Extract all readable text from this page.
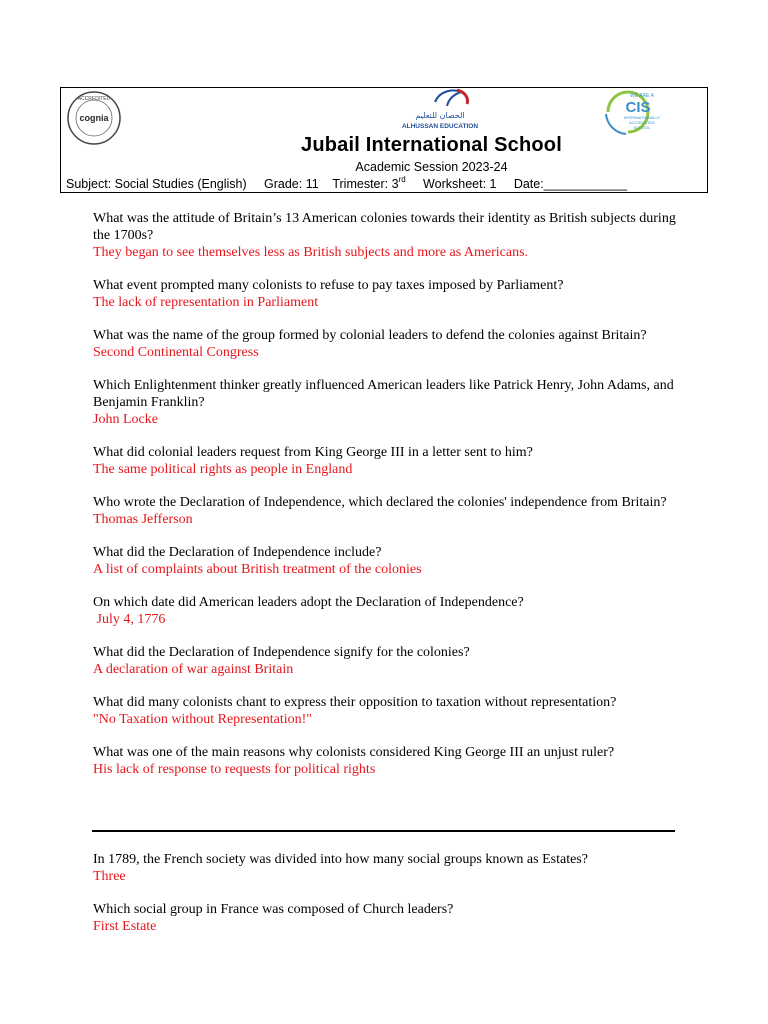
cognia
ACCREDITED
الحصان للتعليم
ALHUSSAN EDUCATION
WE ARE A
CIS
INTERNATIONALLY
ACCREDITED
SCHOOL
Jubail International School
Academic Session 2023-24
Subject: Social Studies (English)     Grade: 11    Trimester: 3rd     Worksheet: 1     Date:____________
What was the attitude of Britain’s 13 American colonies towards their identity as British subjects during the 1700s?
They began to see themselves less as British subjects and more as Americans.
What event prompted many colonists to refuse to pay taxes imposed by Parliament?
The lack of representation in Parliament
What was the name of the group formed by colonial leaders to defend the colonies against Britain?
Second Continental Congress
Which Enlightenment thinker greatly influenced American leaders like Patrick Henry, John Adams, and Benjamin Franklin?
John Locke
What did colonial leaders request from King George III in a letter sent to him?
The same political rights as people in England
Who wrote the Declaration of Independence, which declared the colonies' independence from Britain?
Thomas Jefferson
What did the Declaration of Independence include?
A list of complaints about British treatment of the colonies
On which date did American leaders adopt the Declaration of Independence?
July 4, 1776
What did the Declaration of Independence signify for the colonies?
A declaration of war against Britain
What did many colonists chant to express their opposition to taxation without representation?
"No Taxation without Representation!"
What was one of the main reasons why colonists considered King George III an unjust ruler?
His lack of response to requests for political rights
In 1789, the French society was divided into how many social groups known as Estates?
Three
Which social group in France was composed of Church leaders?
First Estate
